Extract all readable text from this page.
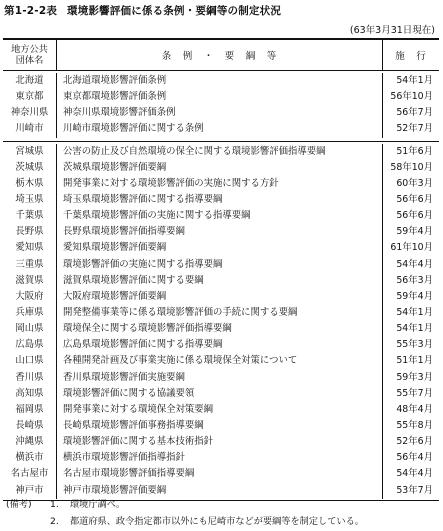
第1-2-2表 環境影響評価に係る条例・要綱等の制定状況
(63年3月31日現在)
地方公共
団体名	条　例　・　要　綱　等	施　行
北海道	北海道環境影響評価条例	54年1月
東京都	東京都環境影響評価条例	56年10月
神奈川県	神奈川県環境影響評価条例	56年7月
川崎市	川崎市環境影響評価に関する条例	52年7月
宮城県	公害の防止及び自然環境の保全に関する環境影響評価指導要綱	51年6月
茨城県	茨城県環境影響評価要綱	58年10月
栃木県	開発事業に対する環境影響評価の実施に関する方針	60年3月
埼玉県	埼玉県環境影響評価に関する指導要綱	56年6月
千葉県	千葉県環境影響評価の実施に関する指導要綱	56年6月
長野県	長野県環境影響評価指導要綱	59年4月
愛知県	愛知県環境影響評価要綱	61年10月
三重県	環境影響評価の実施に関する指導要綱	54年4月
滋賀県	滋賀県環境影響評価に関する要綱	56年3月
大阪府	大阪府環境影響評価要綱	59年4月
兵庫県	開発整備事業等に係る環境影響評価の手続に関する要綱	54年1月
岡山県	環境保全に関する環境影響評価指導要綱	54年1月
広島県	広島県環境影響評価に関する指導要綱	55年3月
山口県	各種開発計画及び事業実施に係る環境保全対策について	51年1月
香川県	香川県環境影響評価実施要綱	59年3月
高知県	環境影響評価に関する協議要領	55年7月
福岡県	開発事業に対する環境保全対策要綱	48年4月
長崎県	長崎県環境影響評価事務指導要綱	55年8月
沖縄県	環境影響評価に関する基本技術指針	52年6月
横浜市	横浜市環境影響評価指導指針	56年4月
名古屋市	名古屋市環境影響評価指導要綱	54年4月
神戸市	神戸市環境影響評価要綱	53年7月
(備考)	1.	環境庁調べ。
2.	都道府県、政令指定都市以外にも尼崎市などが要綱等を制定している。
